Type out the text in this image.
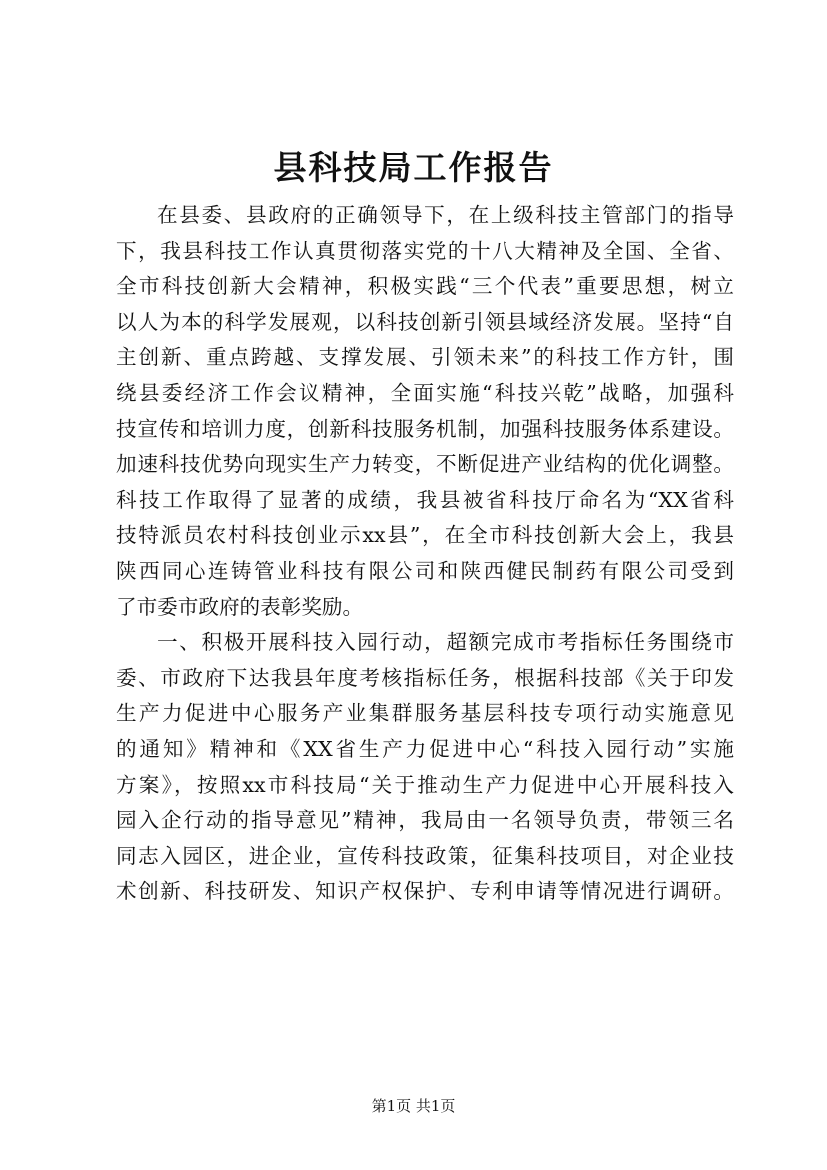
县科技局工作报告
在县委、县政府的正确领导下，在上级科技主管部门的指导
下，我县科技工作认真贯彻落实党的十八大精神及全国、全省、
全市科技创新大会精神，积极实践“三个代表”重要思想，树立
以人为本的科学发展观，以科技创新引领县域经济发展。坚持“自
主创新、重点跨越、支撑发展、引领未来”的科技工作方针，围
绕县委经济工作会议精神，全面实施“科技兴乾”战略，加强科
技宣传和培训力度，创新科技服务机制，加强科技服务体系建设。
加速科技优势向现实生产力转变，不断促进产业结构的优化调整。
科技工作取得了显著的成绩，我县被省科技厅命名为“XX省科
技特派员农村科技创业示xx县”，在全市科技创新大会上，我县
陕西同心连铸管业科技有限公司和陕西健民制药有限公司受到
了市委市政府的表彰奖励。
一、积极开展科技入园行动，超额完成市考指标任务围绕市
委、市政府下达我县年度考核指标任务，根据科技部《关于印发
生产力促进中心服务产业集群服务基层科技专项行动实施意见
的通知》精神和《XX省生产力促进中心“科技入园行动”实施
方案》，按照xx市科技局“关于推动生产力促进中心开展科技入
园入企行动的指导意见”精神，我局由一名领导负责，带领三名
同志入园区，进企业，宣传科技政策，征集科技项目，对企业技
术创新、科技研发、知识产权保护、专利申请等情况进行调研。
第1页 共1页
